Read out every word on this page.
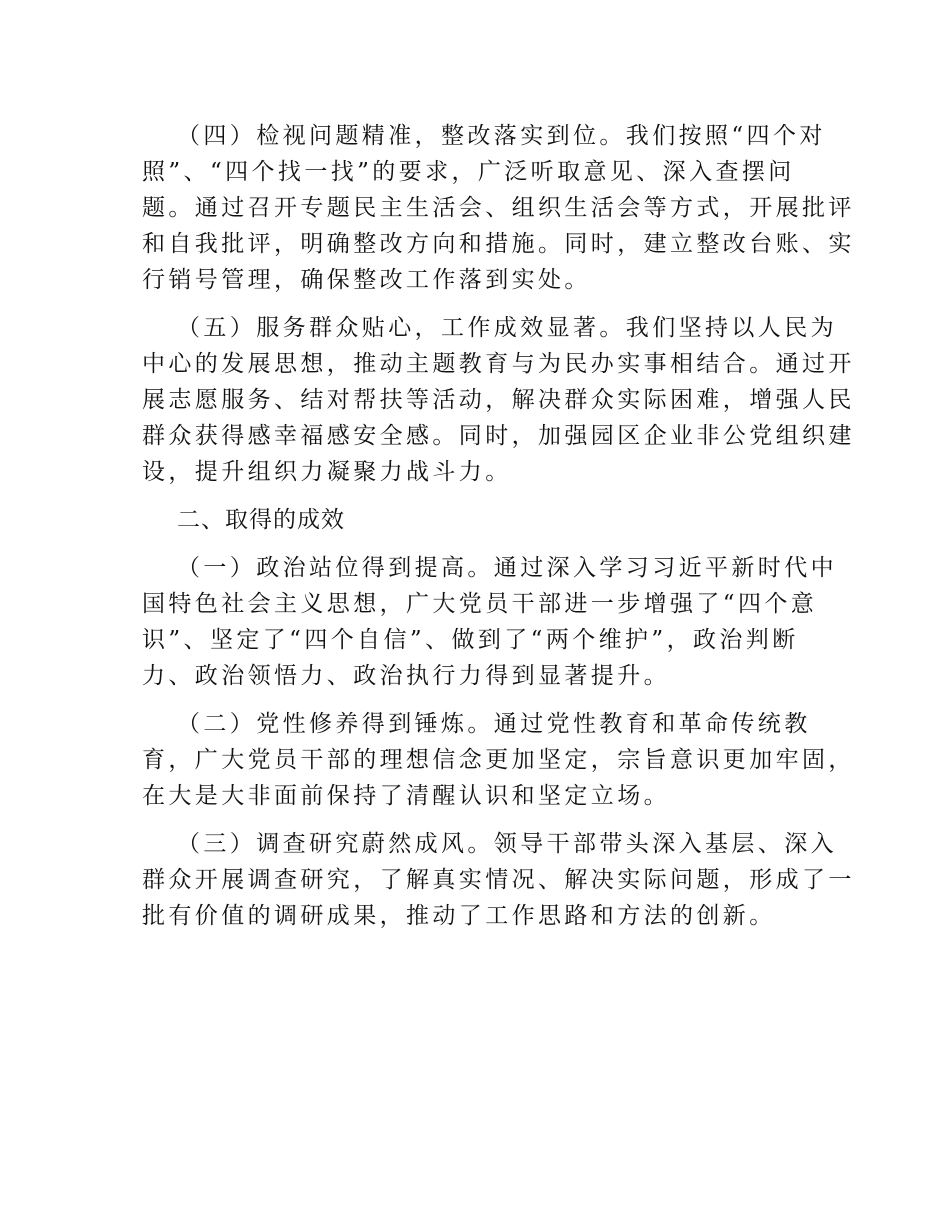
（四）检视问题精准，整改落实到位。我们按照“四个对
照”、“四个找一找”的要求，广泛听取意见、深入查摆问
题。通过召开专题民主生活会、组织生活会等方式，开展批评
和自我批评，明确整改方向和措施。同时，建立整改台账、实
行销号管理，确保整改工作落到实处。

（五）服务群众贴心，工作成效显著。我们坚持以人民为
中心的发展思想，推动主题教育与为民办实事相结合。通过开
展志愿服务、结对帮扶等活动，解决群众实际困难，增强人民
群众获得感幸福感安全感。同时，加强园区企业非公党组织建
设，提升组织力凝聚力战斗力。

二、取得的成效

（一）政治站位得到提高。通过深入学习习近平新时代中
国特色社会主义思想，广大党员干部进一步增强了“四个意
识”、坚定了“四个自信”、做到了“两个维护”，政治判断
力、政治领悟力、政治执行力得到显著提升。

（二）党性修养得到锤炼。通过党性教育和革命传统教
育，广大党员干部的理想信念更加坚定，宗旨意识更加牢固，
在大是大非面前保持了清醒认识和坚定立场。

（三）调查研究蔚然成风。领导干部带头深入基层、深入
群众开展调查研究，了解真实情况、解决实际问题，形成了一
批有价值的调研成果，推动了工作思路和方法的创新。
